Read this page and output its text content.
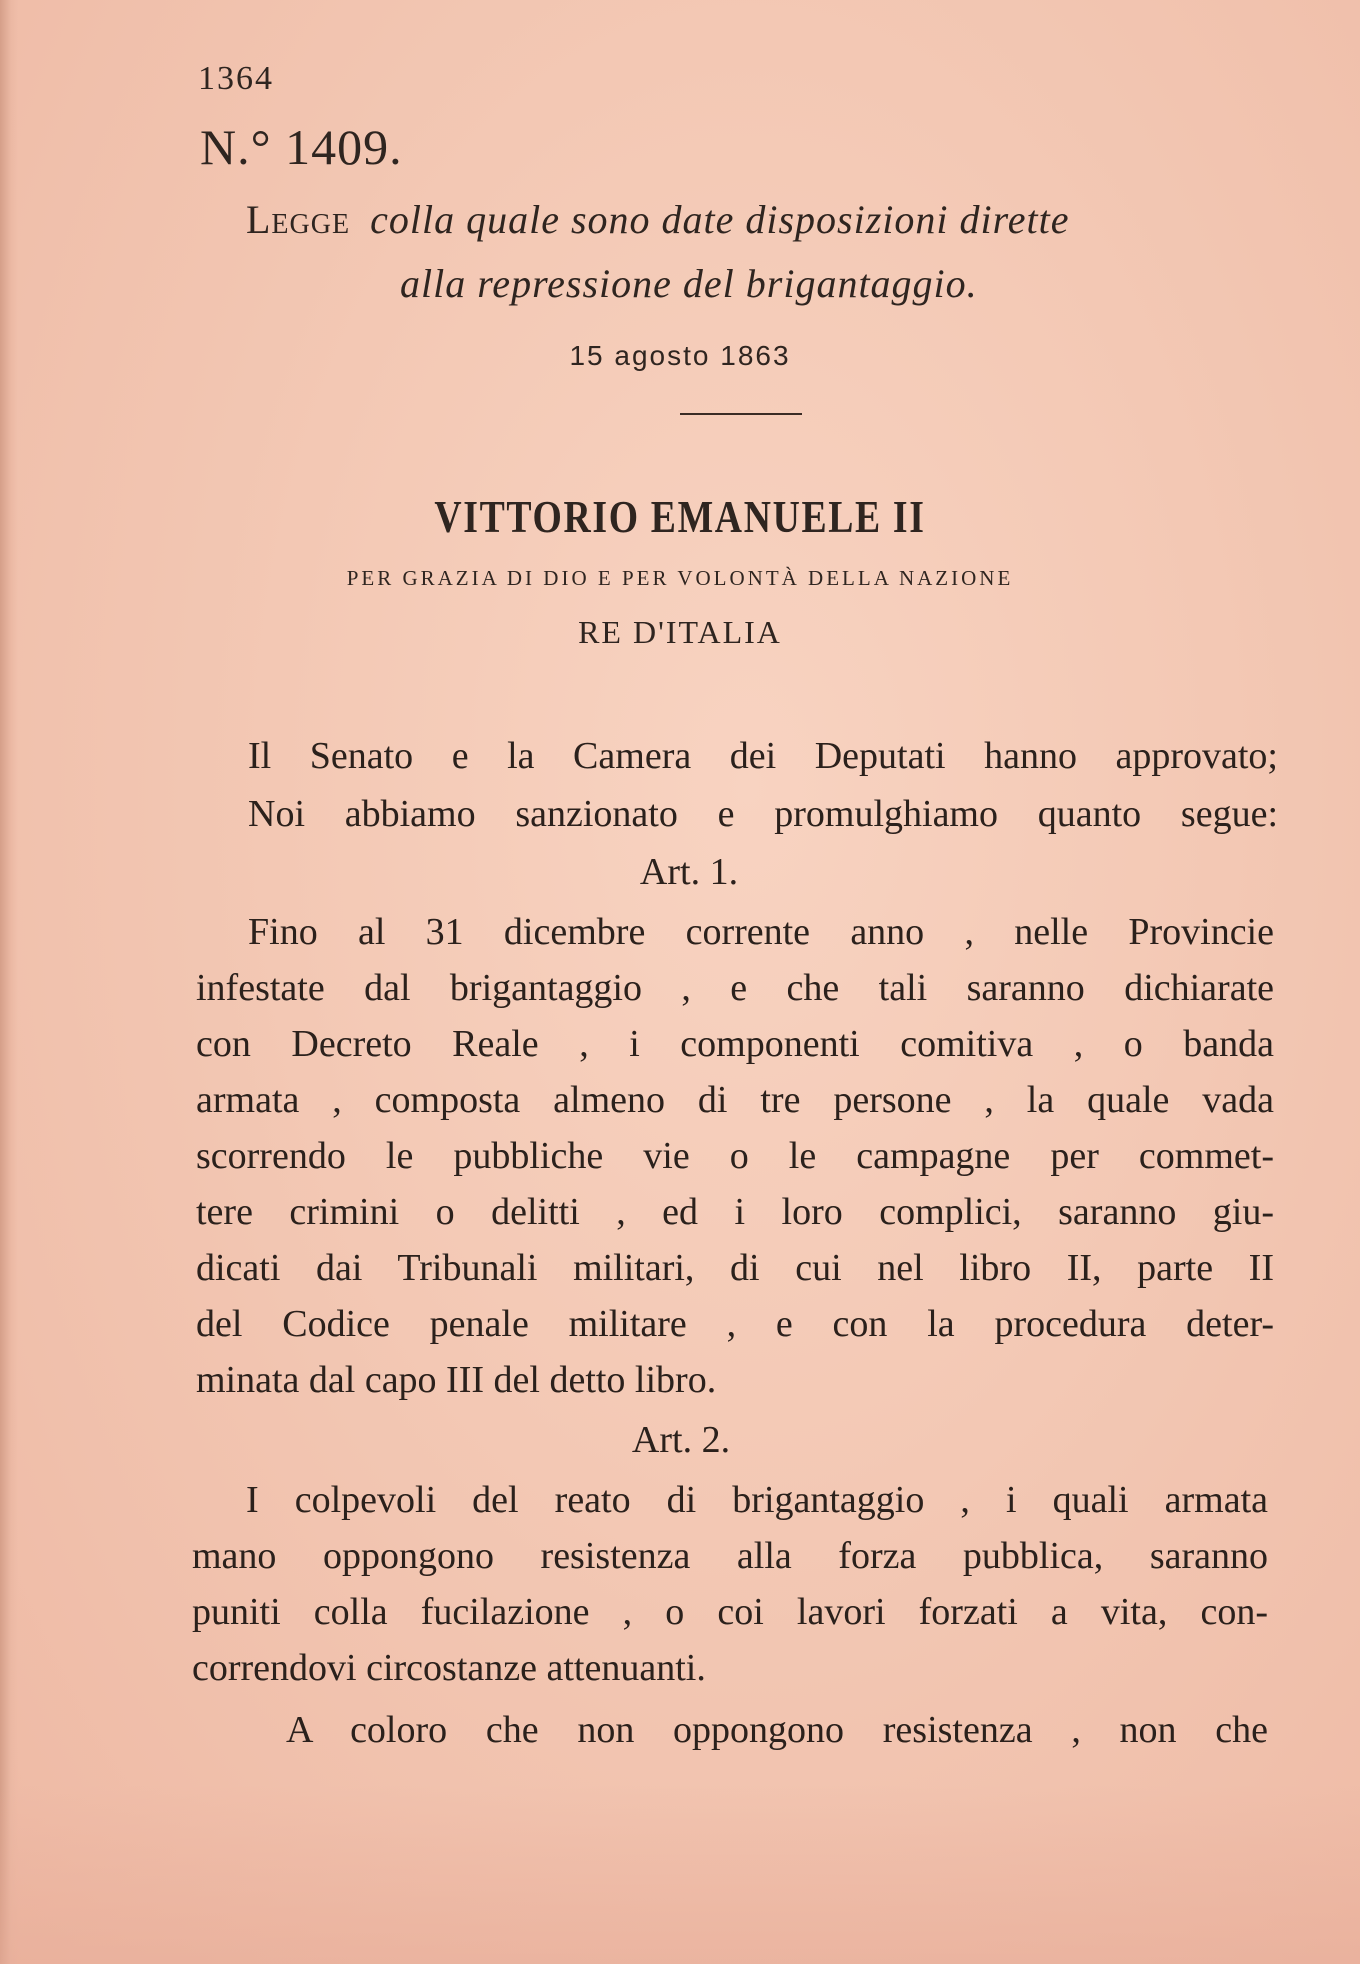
1364
N.° 1409.
Legge colla quale sono date disposizioni dirette
alla repressione del brigantaggio.
15 agosto 1863
VITTORIO EMANUELE II
PER GRAZIA DI DIO E PER VOLONTÀ DELLA NAZIONE
RE D'ITALIA
Il Senato e la Camera dei Deputati hanno approvato;
Noi abbiamo sanzionato e promulghiamo quanto segue:
Art. 1.
Fino al 31 dicembre corrente anno , nelle Provincie
infestate dal brigantaggio , e che tali saranno dichiarate
con Decreto Reale , i componenti comitiva , o banda
armata , composta almeno di tre persone , la quale vada
scorrendo le pubbliche vie o le campagne per commet-
tere crimini o delitti , ed i loro complici, saranno giu-
dicati dai Tribunali militari, di cui nel libro II, parte II
del Codice penale militare , e con la procedura deter-
minata dal capo III del detto libro.
Art. 2.
I colpevoli del reato di brigantaggio , i quali armata
mano oppongono resistenza alla forza pubblica, saranno
puniti colla fucilazione , o coi lavori forzati a vita, con-
correndovi circostanze attenuanti.
A coloro che non oppongono resistenza , non che
